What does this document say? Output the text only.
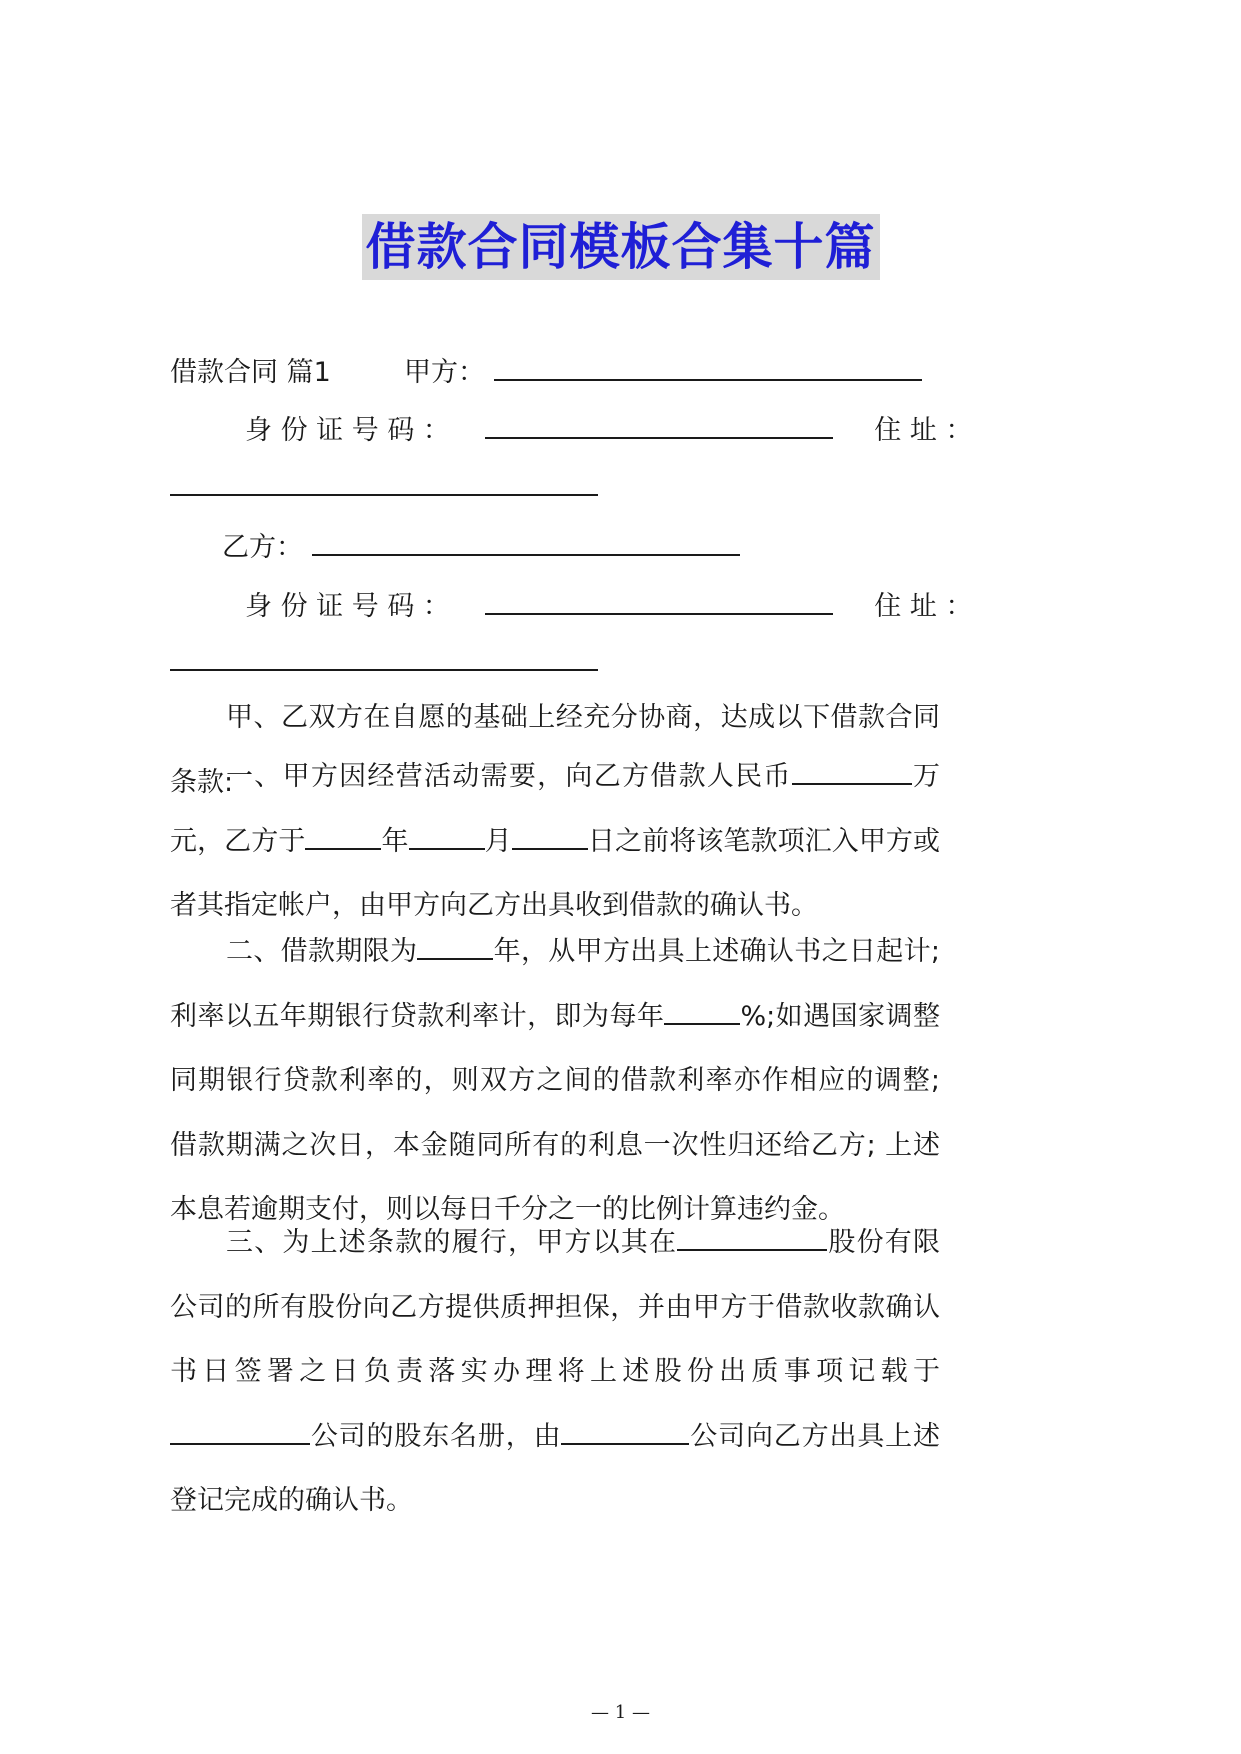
借款合同模板合集十篇
借款合同 篇1	甲方：
身 份 证 号 码 ：	住 址 ：
乙方：
身 份 证 号 码 ：	住 址 ：
甲、乙双方在自愿的基础上经充分协商，达成以下借款合同条款:
一、甲方因经营活动需要，向乙方借款人民币	万元，乙方于	年	月	日之前将该笔款项汇入甲方或者其指定帐户，由甲方向乙方出具收到借款的确认书。
二、借款期限为	年，从甲方出具上述确认书之日起计;利率以五年期银行贷款利率计，即为每年	%;如遇国家调整同期银行贷款利率的，则双方之间的借款利率亦作相应的调整; 借款期满之次日，本金随同所有的利息一次性归还给乙方; 上述本息若逾期支付，则以每日千分之一的比例计算违约金。
三、为上述条款的履行，甲方以其在	股份有限公司的所有股份向乙方提供质押担保，并由甲方于借款收款确认书日签署之日负责落实办理将上述股份出质事项记载于公司的股东名册，由	公司向乙方出具上述登记完成的确认书。
— 1 —
